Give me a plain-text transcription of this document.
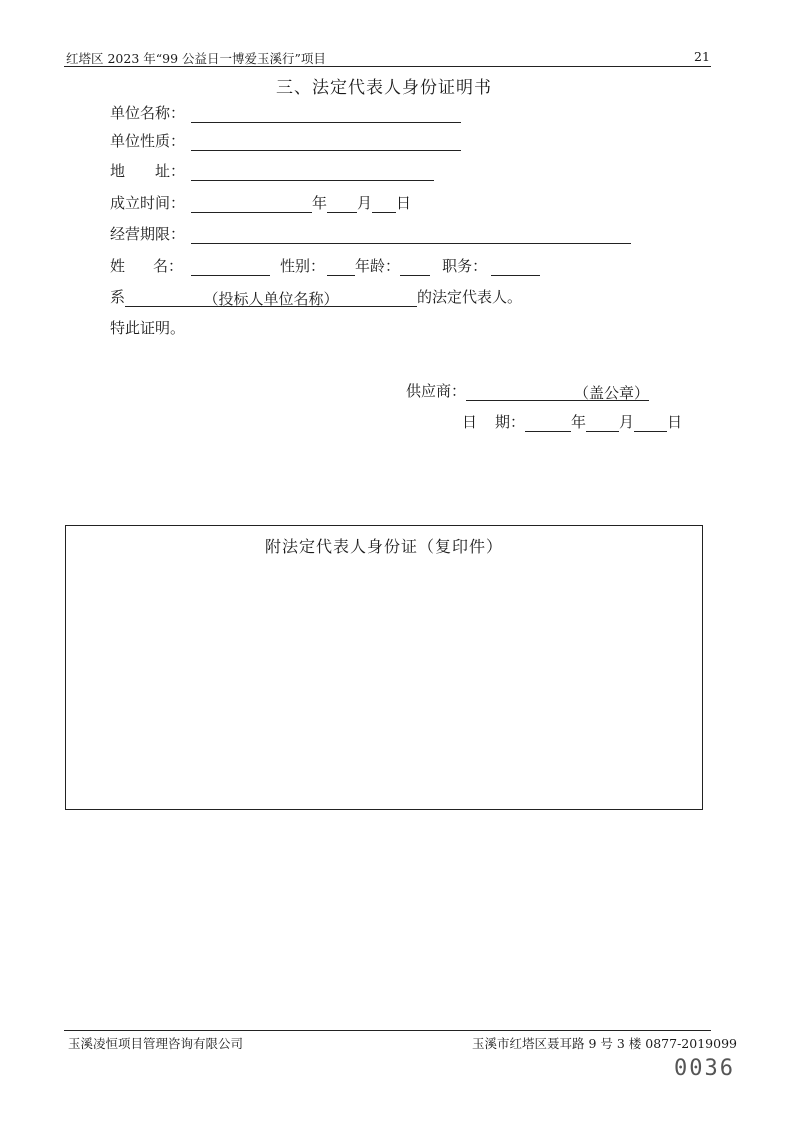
红塔区 2023 年“99 公益日一博爱玉溪行”项目	21
三、法定代表人身份证明书
单位名称：
单位性质：
地 址：
成立时间：	年 月 日
经营期限：
姓 名：	性别： 年龄：	职务：
系	（投标人单位名称）	的法定代表人。
特此证明。
供应商：	（盖公章）
日 期：	年 月 日
附法定代表人身份证（复印件）
玉溪凌恒项目管理咨询有限公司	玉溪市红塔区聂耳路 9 号 3 楼 0877-2019099
0036
